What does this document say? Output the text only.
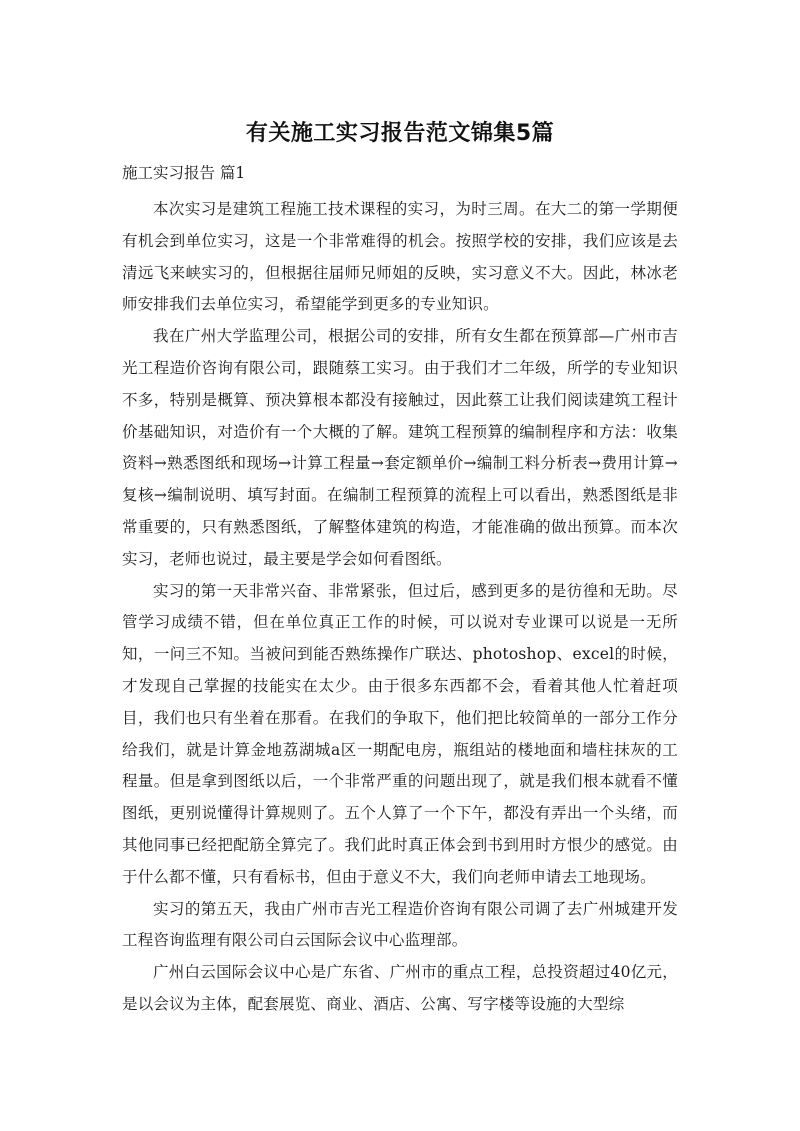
有关施工实习报告范文锦集5篇
施工实习报告 篇1

本次实习是建筑工程施工技术课程的实习，为时三周。在大二的第一学期便有机会到单位实习，这是一个非常难得的机会。按照学校的安排，我们应该是去清远飞来峡实习的，但根据往届师兄师姐的反映，实习意义不大。因此，林冰老师安排我们去单位实习，希望能学到更多的专业知识。

我在广州大学监理公司，根据公司的安排，所有女生都在预算部—广州市吉光工程造价咨询有限公司，跟随蔡工实习。由于我们才二年级，所学的专业知识不多，特别是概算、预决算根本都没有接触过，因此蔡工让我们阅读建筑工程计价基础知识，对造价有一个大概的了解。建筑工程预算的编制程序和方法：收集资料→熟悉图纸和现场→计算工程量→套定额单价→编制工料分析表→费用计算→复核→编制说明、填写封面。在编制工程预算的流程上可以看出，熟悉图纸是非常重要的，只有熟悉图纸，了解整体建筑的构造，才能准确的做出预算。而本次实习，老师也说过，最主要是学会如何看图纸。

实习的第一天非常兴奋、非常紧张，但过后，感到更多的是彷徨和无助。尽管学习成绩不错，但在单位真正工作的时候，可以说对专业课可以说是一无所知，一问三不知。当被问到能否熟练操作广联达、photoshop、excel的时候，才发现自己掌握的技能实在太少。由于很多东西都不会，看着其他人忙着赶项目，我们也只有坐着在那看。在我们的争取下，他们把比较简单的一部分工作分给我们，就是计算金地荔湖城a区一期配电房，瓶组站的楼地面和墙柱抹灰的工程量。但是拿到图纸以后，一个非常严重的问题出现了，就是我们根本就看不懂图纸，更别说懂得计算规则了。五个人算了一个下午，都没有弄出一个头绪，而其他同事已经把配筋全算完了。我们此时真正体会到书到用时方恨少的感觉。由于什么都不懂，只有看标书，但由于意义不大，我们向老师申请去工地现场。

实习的第五天，我由广州市吉光工程造价咨询有限公司调了去广州城建开发工程咨询监理有限公司白云国际会议中心监理部。

广州白云国际会议中心是广东省、广州市的重点工程，总投资超过40亿元，是以会议为主体，配套展览、商业、酒店、公寓、写字楼等设施的大型综
